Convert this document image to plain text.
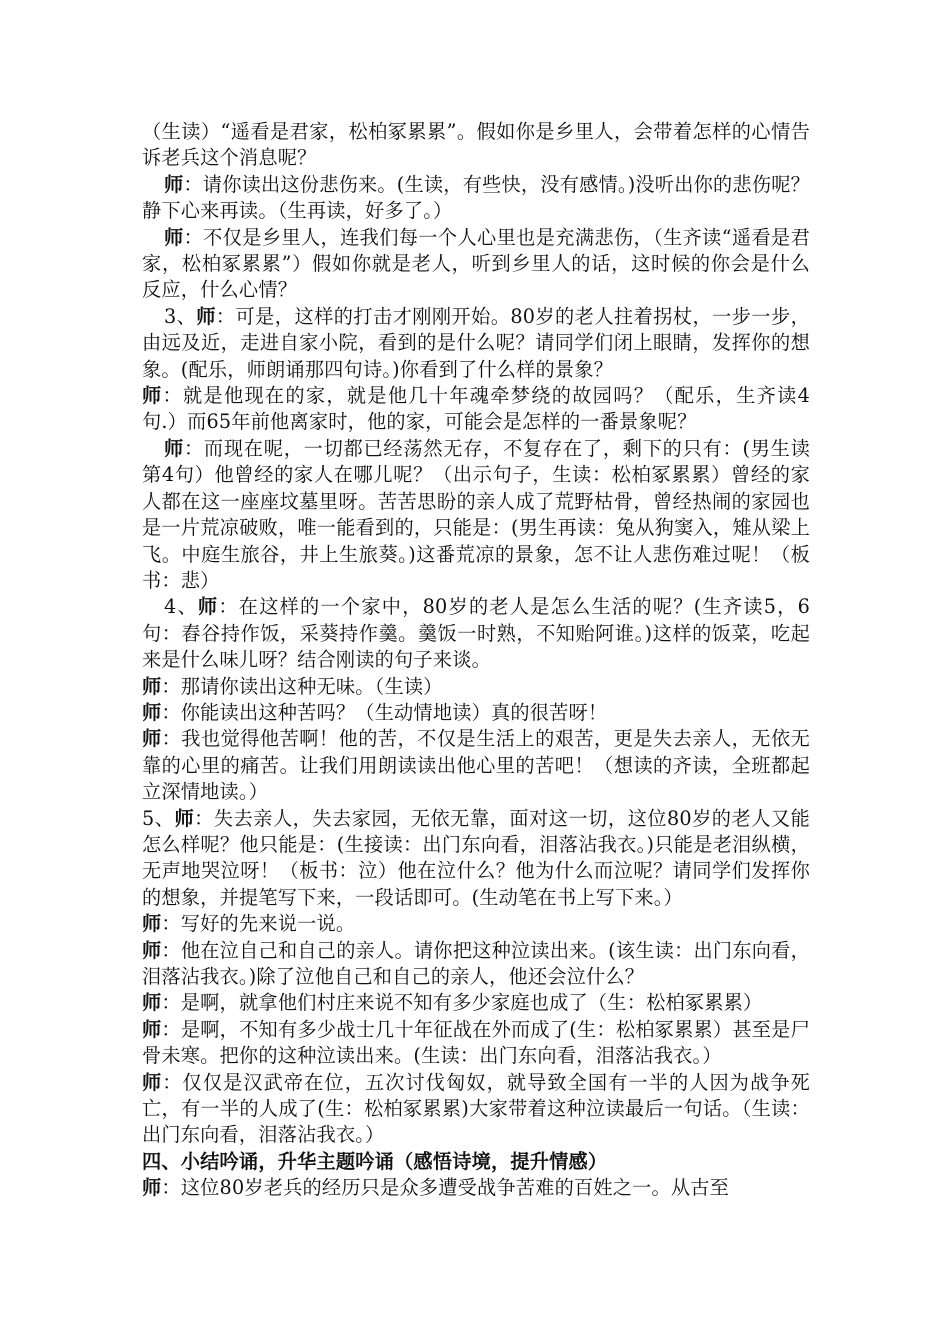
（生读）“遥看是君家，松柏冢累累”。假如你是乡里人，会带着怎样的心情告诉老兵这个消息呢？

师：请你读出这份悲伤来。(生读，有些快，没有感情。)没听出你的悲伤呢？静下心来再读。（生再读，好多了。）

师：不仅是乡里人，连我们每一个人心里也是充满悲伤，（生齐读“遥看是君家，松柏冢累累”）假如你就是老人，听到乡里人的话，这时候的你会是什么反应，什么心情？

3、师：可是，这样的打击才刚刚开始。80岁的老人拄着拐杖，一步一步，由远及近，走进自家小院，看到的是什么呢？请同学们闭上眼睛，发挥你的想象。(配乐，师朗诵那四句诗。)你看到了什么样的景象？

师：就是他现在的家，就是他几十年魂牵梦绕的故园吗？（配乐，生齐读4句.）而65年前他离家时，他的家，可能会是怎样的一番景象呢？

师：而现在呢，一切都已经荡然无存，不复存在了，剩下的只有：(男生读第4句）他曾经的家人在哪儿呢？（出示句子，生读：松柏冢累累）曾经的家人都在这一座座坟墓里呀。苦苦思盼的亲人成了荒野枯骨，曾经热闹的家园也是一片荒凉破败，唯一能看到的，只能是：(男生再读：兔从狗窦入，雉从梁上飞。中庭生旅谷，井上生旅葵。)这番荒凉的景象，怎不让人悲伤难过呢！（板书：悲）

4、师：在这样的一个家中，80岁的老人是怎么生活的呢？(生齐读5，6句：舂谷持作饭，采葵持作羹。羹饭一时熟，不知贻阿谁。)这样的饭菜，吃起来是什么味儿呀？结合刚读的句子来谈。

师：那请你读出这种无味。（生读）

师：你能读出这种苦吗？（生动情地读）真的很苦呀！

师：我也觉得他苦啊！他的苦，不仅是生活上的艰苦，更是失去亲人，无依无靠的心里的痛苦。让我们用朗读读出他心里的苦吧！（想读的齐读，全班都起立深情地读。）

5、师：失去亲人，失去家园，无依无靠，面对这一切，这位80岁的老人又能怎么样呢？他只能是：(生接读：出门东向看，泪落沾我衣。)只能是老泪纵横，无声地哭泣呀！（板书：泣）他在泣什么？他为什么而泣呢？请同学们发挥你的想象，并提笔写下来，一段话即可。(生动笔在书上写下来。）

师：写好的先来说一说。

师：他在泣自己和自己的亲人。请你把这种泣读出来。(该生读：出门东向看，泪落沾我衣。)除了泣他自己和自己的亲人，他还会泣什么？

师：是啊，就拿他们村庄来说不知有多少家庭也成了（生：松柏冢累累）

师：是啊，不知有多少战士几十年征战在外而成了(生：松柏冢累累）甚至是尸骨未寒。把你的这种泣读出来。(生读：出门东向看，泪落沾我衣。）

师：仅仅是汉武帝在位，五次讨伐匈奴，就导致全国有一半的人因为战争死亡，有一半的人成了(生：松柏冢累累)大家带着这种泣读最后一句话。（生读：出门东向看，泪落沾我衣。）

四、小结吟诵，升华主题吟诵（感悟诗境，提升情感）

师：这位80岁老兵的经历只是众多遭受战争苦难的百姓之一。从古至
